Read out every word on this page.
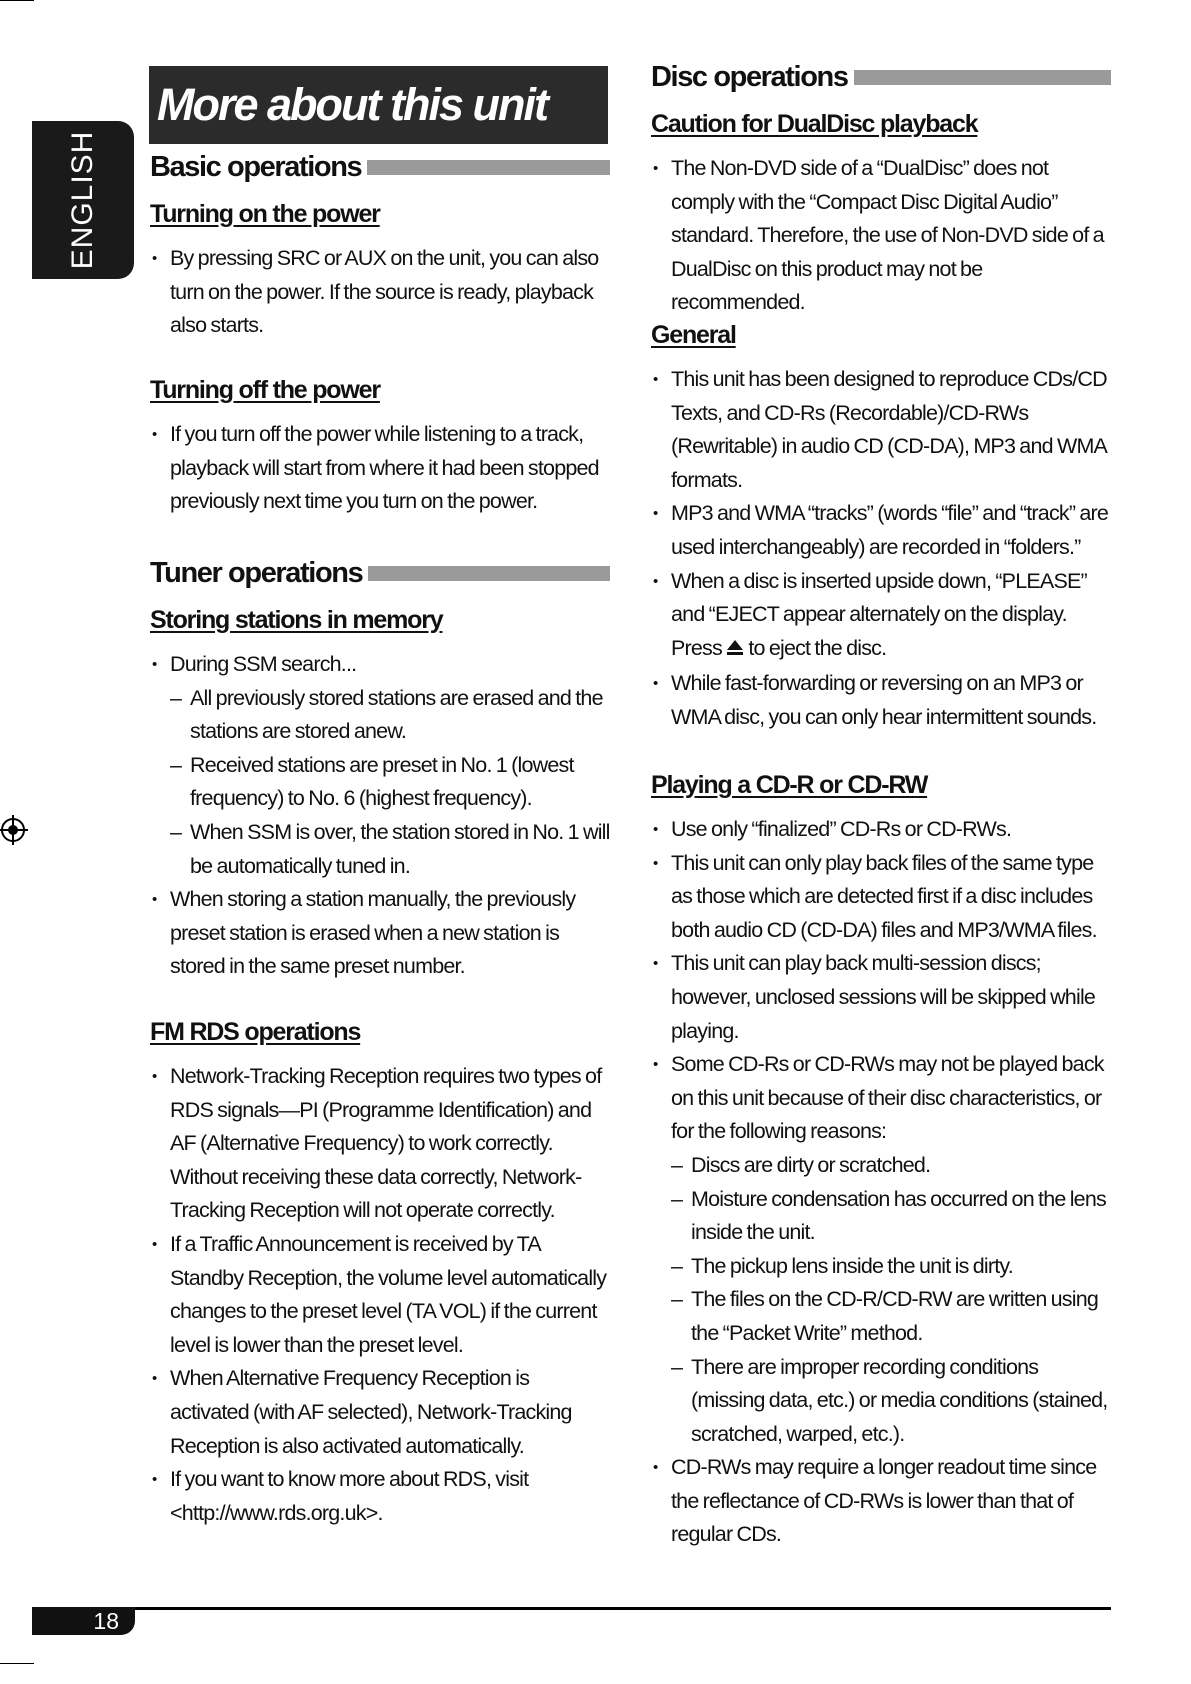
ENGLISH
More about this unit
Basic operations
Turning on the power
• By pressing SRC or AUX on the unit, you can also turn on the power. If the source is ready, playback also starts.
Turning off the power
• If you turn off the power while listening to a track, playback will start from where it had been stopped previously next time you turn on the power.
Tuner operations
Storing stations in memory
• During SSM search...
– All previously stored stations are erased and the stations are stored anew.
– Received stations are preset in No. 1 (lowest frequency) to No. 6 (highest frequency).
– When SSM is over, the station stored in No. 1 will be automatically tuned in.
• When storing a station manually, the previously preset station is erased when a new station is stored in the same preset number.
FM RDS operations
• Network-Tracking Reception requires two types of RDS signals—PI (Programme Identification) and AF (Alternative Frequency) to work correctly. Without receiving these data correctly, Network-Tracking Reception will not operate correctly.
• If a Traffic Announcement is received by TA Standby Reception, the volume level automatically changes to the preset level (TA VOL) if the current level is lower than the preset level.
• When Alternative Frequency Reception is activated (with AF selected), Network-Tracking Reception is also activated automatically.
• If you want to know more about RDS, visit <http://www.rds.org.uk>.
Disc operations
Caution for DualDisc playback
• The Non-DVD side of a “DualDisc” does not comply with the “Compact Disc Digital Audio” standard. Therefore, the use of Non-DVD side of a DualDisc on this product may not be recommended.
General
• This unit has been designed to reproduce CDs/CD Texts, and CD-Rs (Recordable)/CD-RWs (Rewritable) in audio CD (CD-DA), MP3 and WMA formats.
• MP3 and WMA “tracks” (words “file” and “track” are used interchangeably) are recorded in “folders.”
• When a disc is inserted upside down, “PLEASE” and “EJECT appear alternately on the display. Press  to eject the disc.
• While fast-forwarding or reversing on an MP3 or WMA disc, you can only hear intermittent sounds.
Playing a CD-R or CD-RW
• Use only “finalized” CD-Rs or CD-RWs.
• This unit can only play back files of the same type as those which are detected first if a disc includes both audio CD (CD-DA) files and MP3/WMA files.
• This unit can play back multi-session discs; however, unclosed sessions will be skipped while playing.
• Some CD-Rs or CD-RWs may not be played back on this unit because of their disc characteristics, or for the following reasons:
– Discs are dirty or scratched.
– Moisture condensation has occurred on the lens inside the unit.
– The pickup lens inside the unit is dirty.
– The files on the CD-R/CD-RW are written using the “Packet Write” method.
– There are improper recording conditions (missing data, etc.) or media conditions (stained, scratched, warped, etc.).
• CD-RWs may require a longer readout time since the reflectance of CD-RWs is lower than that of regular CDs.
18
